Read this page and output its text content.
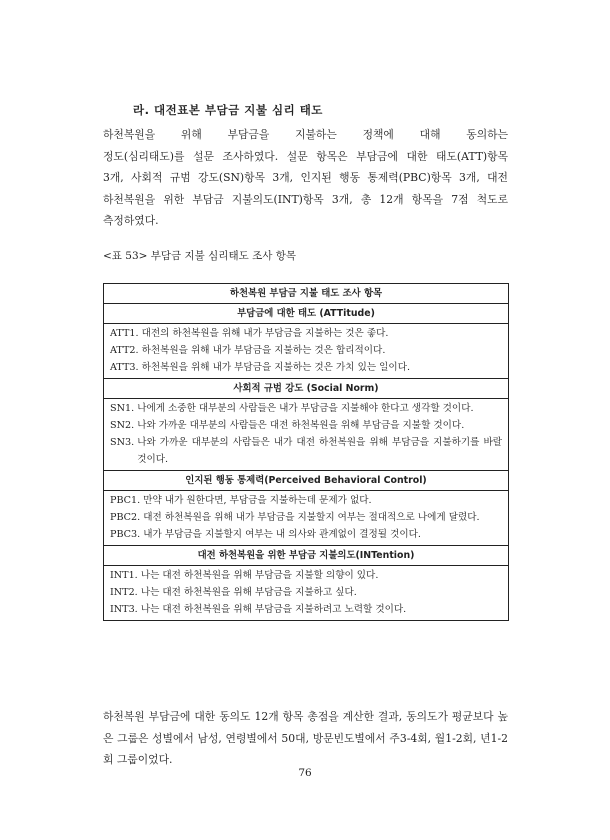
라. 대전표본 부담금 지불 심리 태도
하천복원을 위해 부담금을 지불하는 정책에 대해 동의하는
정도(심리태도)를 설문 조사하였다. 설문 항목은 부담금에 대한 태도(ATT)항목
3개, 사회적 규범 강도(SN)항목 3개, 인지된 행동 통제력(PBC)항목 3개, 대전
하천복원을 위한 부담금 지불의도(INT)항목 3개, 총 12개 항목을 7점 척도로
측정하였다.
<표 53> 부담금 지불 심리태도 조사 항목
하천복원 부담금 지불 태도 조사 항목
부담금에 대한 태도 (ATTitude)

ATT1.
대전의 하천복원을 위해 내가 부담금을 지불하는 것은 좋다.

ATT2.
하천복원을 위해 내가 부담금을 지불하는 것은 합리적이다.

ATT3.
하천복원을 위해 내가 부담금을 지불하는 것은 가치 있는 일이다.

사회적 규범 강도 (Social Norm)

SN1.
나에게 소중한 대부분의 사람들은 내가 부담금을 지불해야 한다고 생각할 것이다.

SN2.
나와 가까운 대부분의 사람들은 대전 하천복원을 위해 부담금을 지불할 것이다.

SN3.
나와 가까운 대부분의 사람들은 내가 대전 하천복원을 위해 부담금을 지불하기를 바랄 것이다.

인지된 행동 통제력(Perceived Behavioral Control)

PBC1.
만약 내가 원한다면, 부담금을 지불하는데 문제가 없다.

PBC2.
대전 하천복원을 위해 내가 부담금을 지불할지 여부는 절대적으로 나에게 달렸다.

PBC3.
내가 부담금을 지불할지 여부는 내 의사와 관계없이 결정될 것이다.

대전 하천복원을 위한 부담금 지불의도(INTention)

INT1.
나는 대전 하천복원을 위해 부담금을 지불할 의향이 있다.

INT2.
나는 대전 하천복원을 위해 부담금을 지불하고 싶다.

INT3.
나는 대전 하천복원을 위해 부담금을 지불하려고 노력할 것이다.
하천복원 부담금에 대한 동의도 12개 항목 총점을 계산한 결과, 동의도가 평균보다 높은 그룹은 성별에서 남성, 연령별에서 50대, 방문빈도별에서 주3-4회, 월1-2회, 년1-2회 그룹이었다.
76
